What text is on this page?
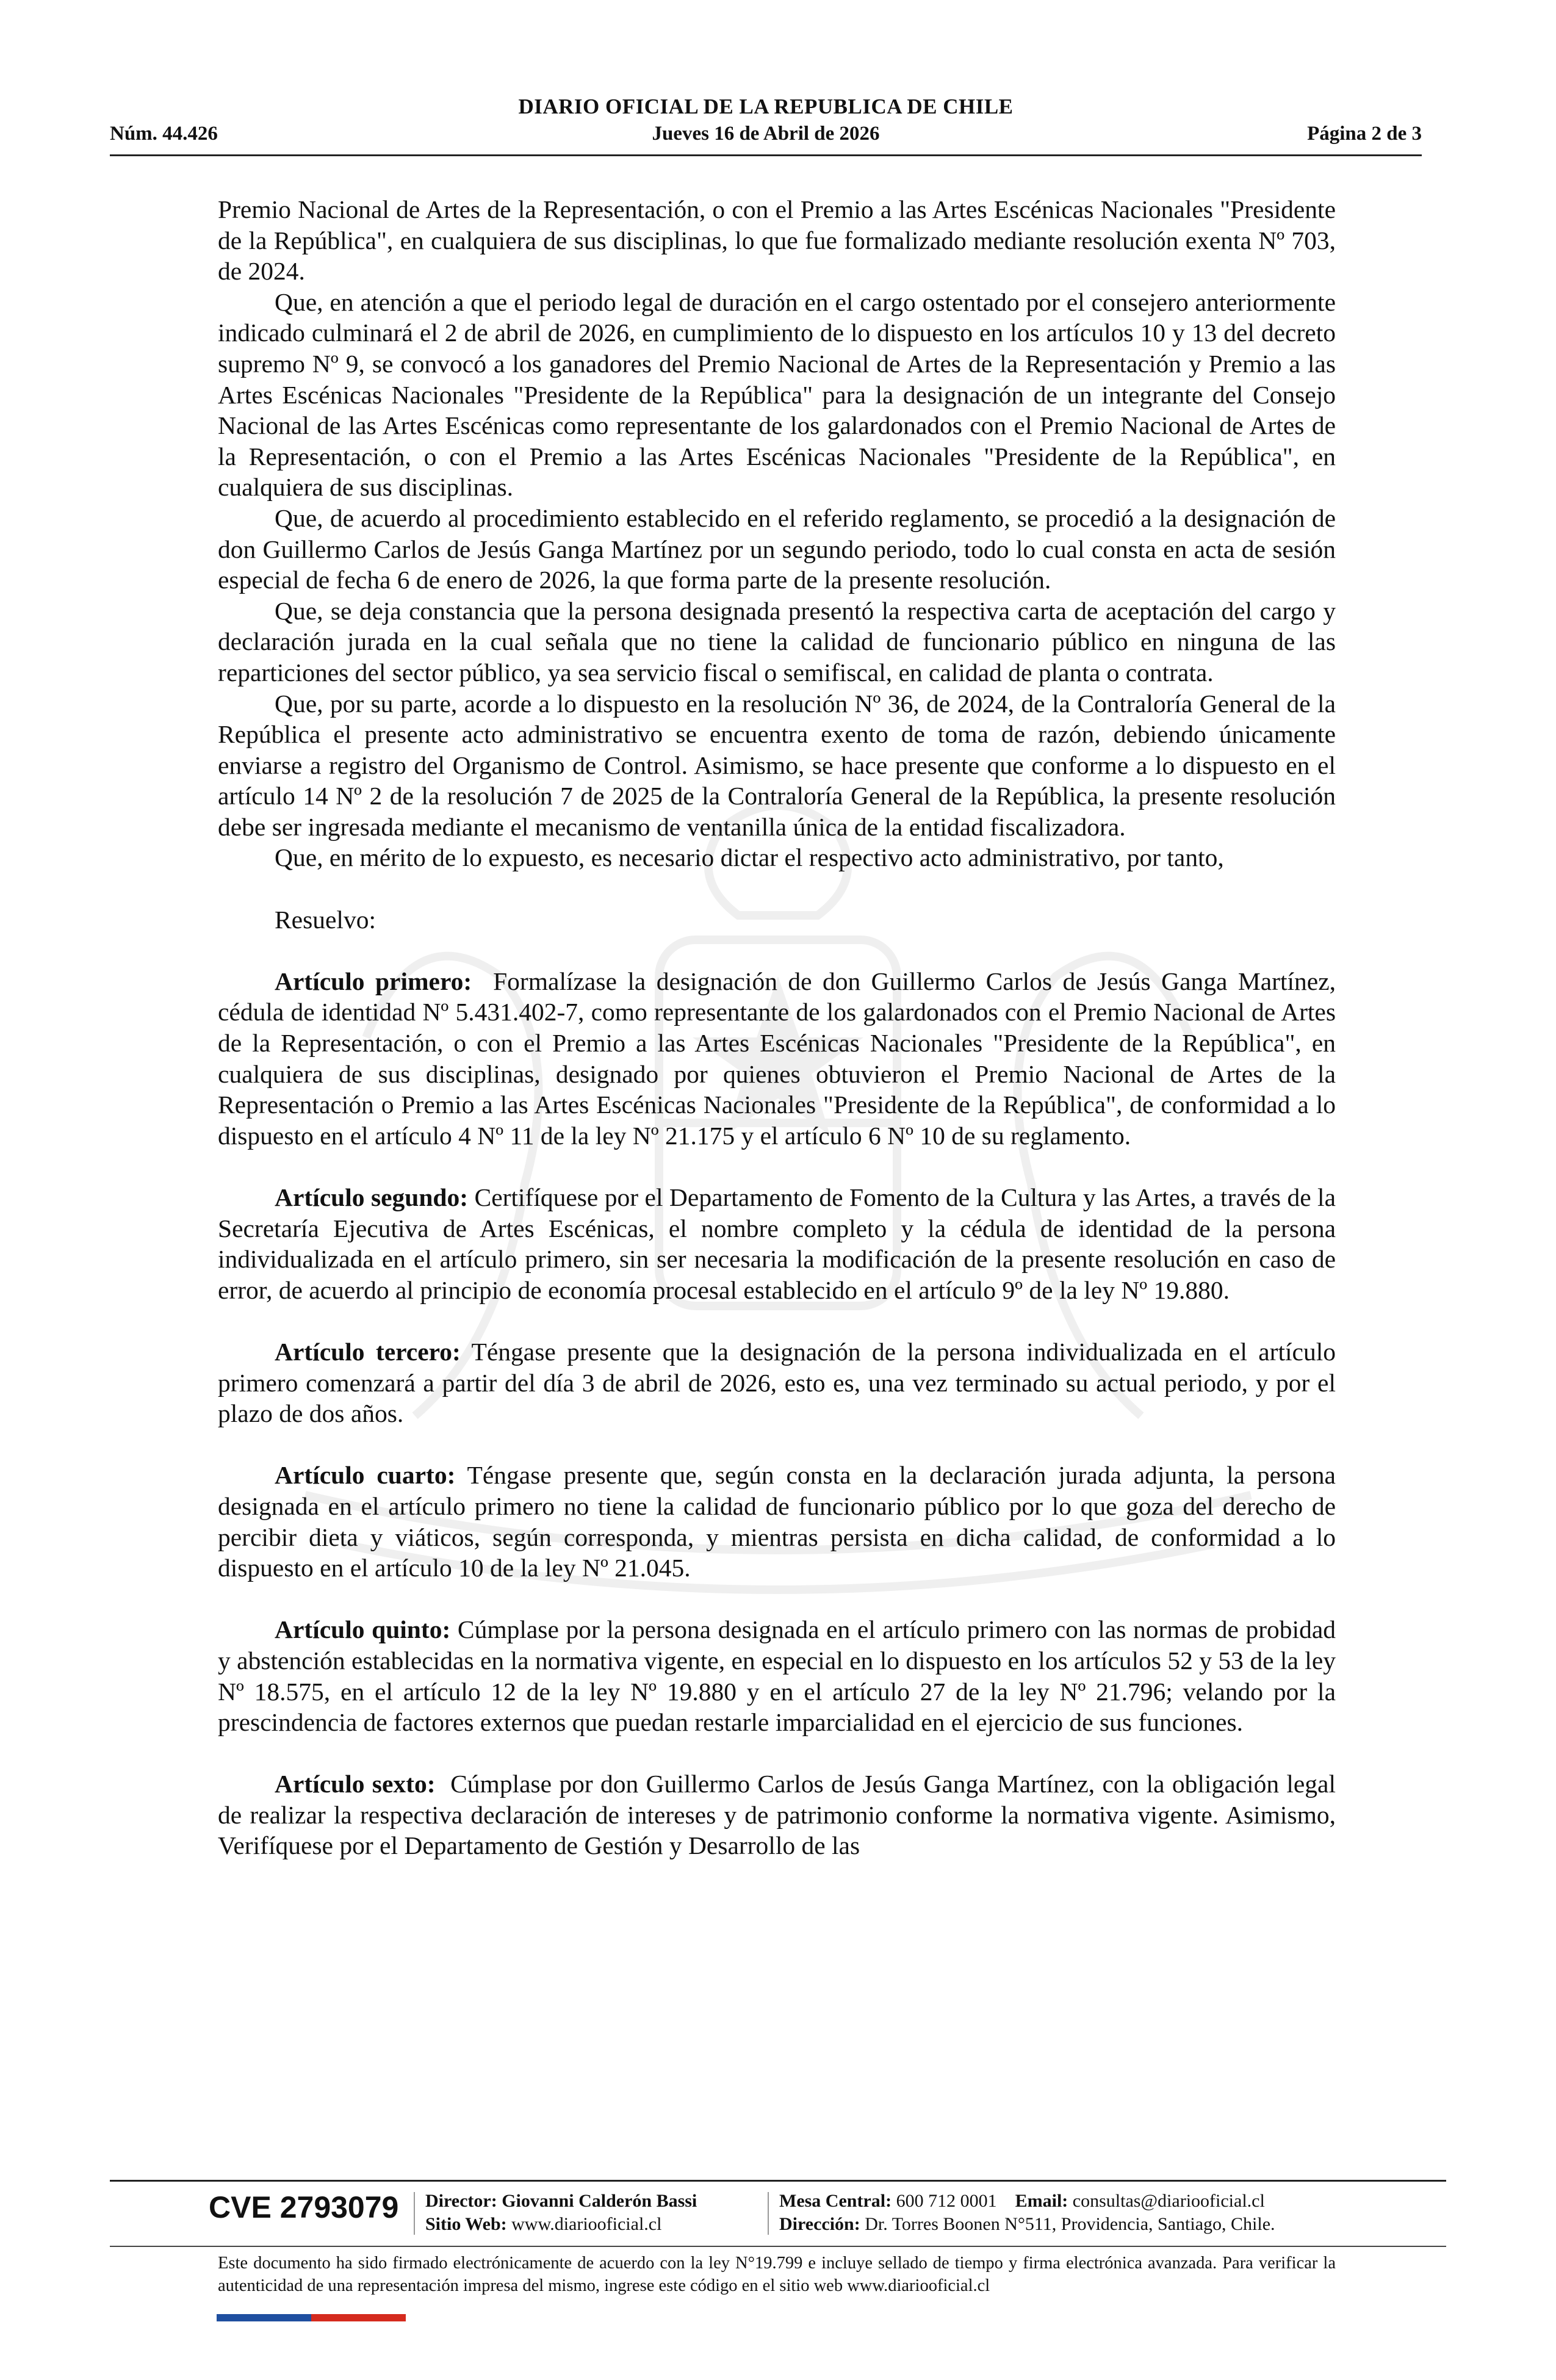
DIARIO OFICIAL DE LA REPUBLICA DE CHILE
Núm. 44.426	Jueves 16 de Abril de 2026	Página 2 de 3

Premio Nacional de Artes de la Representación, o con el Premio a las Artes Escénicas Nacionales "Presidente de la República", en cualquiera de sus disciplinas, lo que fue formalizado mediante resolución exenta Nº 703, de 2024.

Que, en atención a que el periodo legal de duración en el cargo ostentado por el consejero anteriormente indicado culminará el 2 de abril de 2026, en cumplimiento de lo dispuesto en los artículos 10 y 13 del decreto supremo Nº 9, se convocó a los ganadores del Premio Nacional de Artes de la Representación y Premio a las Artes Escénicas Nacionales "Presidente de la República" para la designación de un integrante del Consejo Nacional de las Artes Escénicas como representante de los galardonados con el Premio Nacional de Artes de la Representación, o con el Premio a las Artes Escénicas Nacionales "Presidente de la República", en cualquiera de sus disciplinas.

Que, de acuerdo al procedimiento establecido en el referido reglamento, se procedió a la designación de don Guillermo Carlos de Jesús Ganga Martínez por un segundo periodo, todo lo cual consta en acta de sesión especial de fecha 6 de enero de 2026, la que forma parte de la presente resolución.

Que, se deja constancia que la persona designada presentó la respectiva carta de aceptación del cargo y declaración jurada en la cual señala que no tiene la calidad de funcionario público en ninguna de las reparticiones del sector público, ya sea servicio fiscal o semifiscal, en calidad de planta o contrata.

Que, por su parte, acorde a lo dispuesto en la resolución Nº 36, de 2024, de la Contraloría General de la República el presente acto administrativo se encuentra exento de toma de razón, debiendo únicamente enviarse a registro del Organismo de Control. Asimismo, se hace presente que conforme a lo dispuesto en el artículo 14 Nº 2 de la resolución 7 de 2025 de la Contraloría General de la República, la presente resolución debe ser ingresada mediante el mecanismo de ventanilla única de la entidad fiscalizadora.

Que, en mérito de lo expuesto, es necesario dictar el respectivo acto administrativo, por tanto,

Resuelvo:

Artículo primero: Formalízase la designación de don Guillermo Carlos de Jesús Ganga Martínez, cédula de identidad Nº 5.431.402-7, como representante de los galardonados con el Premio Nacional de Artes de la Representación, o con el Premio a las Artes Escénicas Nacionales "Presidente de la República", en cualquiera de sus disciplinas, designado por quienes obtuvieron el Premio Nacional de Artes de la Representación o Premio a las Artes Escénicas Nacionales "Presidente de la República", de conformidad a lo dispuesto en el artículo 4 Nº 11 de la ley Nº 21.175 y el artículo 6 Nº 10 de su reglamento.

Artículo segundo: Certifíquese por el Departamento de Fomento de la Cultura y las Artes, a través de la Secretaría Ejecutiva de Artes Escénicas, el nombre completo y la cédula de identidad de la persona individualizada en el artículo primero, sin ser necesaria la modificación de la presente resolución en caso de error, de acuerdo al principio de economía procesal establecido en el artículo 9º de la ley Nº 19.880.

Artículo tercero: Téngase presente que la designación de la persona individualizada en el artículo primero comenzará a partir del día 3 de abril de 2026, esto es, una vez terminado su actual periodo, y por el plazo de dos años.

Artículo cuarto: Téngase presente que, según consta en la declaración jurada adjunta, la persona designada en el artículo primero no tiene la calidad de funcionario público por lo que goza del derecho de percibir dieta y viáticos, según corresponda, y mientras persista en dicha calidad, de conformidad a lo dispuesto en el artículo 10 de la ley Nº 21.045.

Artículo quinto: Cúmplase por la persona designada en el artículo primero con las normas de probidad y abstención establecidas en la normativa vigente, en especial en lo dispuesto en los artículos 52 y 53 de la ley Nº 18.575, en el artículo 12 de la ley Nº 19.880 y en el artículo 27 de la ley Nº 21.796; velando por la prescindencia de factores externos que puedan restarle imparcialidad en el ejercicio de sus funciones.

Artículo sexto: Cúmplase por don Guillermo Carlos de Jesús Ganga Martínez, con la obligación legal de realizar la respectiva declaración de intereses y de patrimonio conforme la normativa vigente. Asimismo, Verifíquese por el Departamento de Gestión y Desarrollo de las

CVE 2793079 Director: Giovanni Calderón Bassi
Sitio Web: www.diariooficial.cl
Mesa Central: 600 712 0001 Email: consultas@diariooficial.cl
Dirección: Dr. Torres Boonen N°511, Providencia, Santiago, Chile.
Este documento ha sido firmado electrónicamente de acuerdo con la ley N°19.799 e incluye sellado de tiempo y firma electrónica avanzada. Para verificar la autenticidad de una representación impresa del mismo, ingrese este código en el sitio web www.diariooficial.cl
